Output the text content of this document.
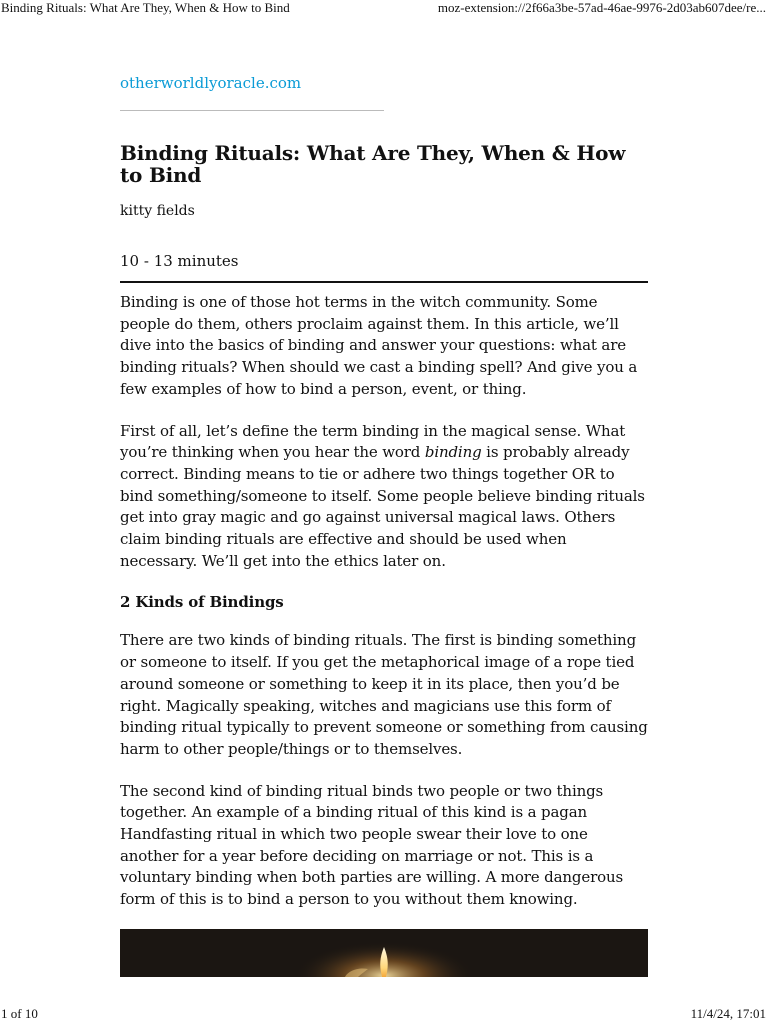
Binding Rituals: What Are They, When & How to Bind	moz-extension://2f66a3be-57ad-46ae-9976-2d03ab607dee/re...
otherworldlyoracle.com
Binding Rituals: What Are They, When & How to Bind
kitty fields
10 - 13 minutes

Binding is one of those hot terms in the witch community. Some people do them, others proclaim against them. In this article, we’ll dive into the basics of binding and answer your questions: what are binding rituals? When should we cast a binding spell? And give you a few examples of how to bind a person, event, or thing.

First of all, let’s define the term binding in the magical sense. What you’re thinking when you hear the word binding is probably already correct. Binding means to tie or adhere two things together OR to bind something/someone to itself. Some people believe binding rituals get into gray magic and go against universal magical laws. Others claim binding rituals are effective and should be used when necessary. We’ll get into the ethics later on.

2 Kinds of Bindings

There are two kinds of binding rituals. The first is binding something or someone to itself. If you get the metaphorical image of a rope tied around someone or something to keep it in its place, then you’d be right. Magically speaking, witches and magicians use this form of binding ritual typically to prevent someone or something from causing harm to other people/things or to themselves.

The second kind of binding ritual binds two people or two things together. An example of a binding ritual of this kind is a pagan Handfasting ritual in which two people swear their love to one another for a year before deciding on marriage or not. This is a voluntary binding when both parties are willing. A more dangerous form of this is to bind a person to you without them knowing.

1 of 10	11/4/24, 17:01
